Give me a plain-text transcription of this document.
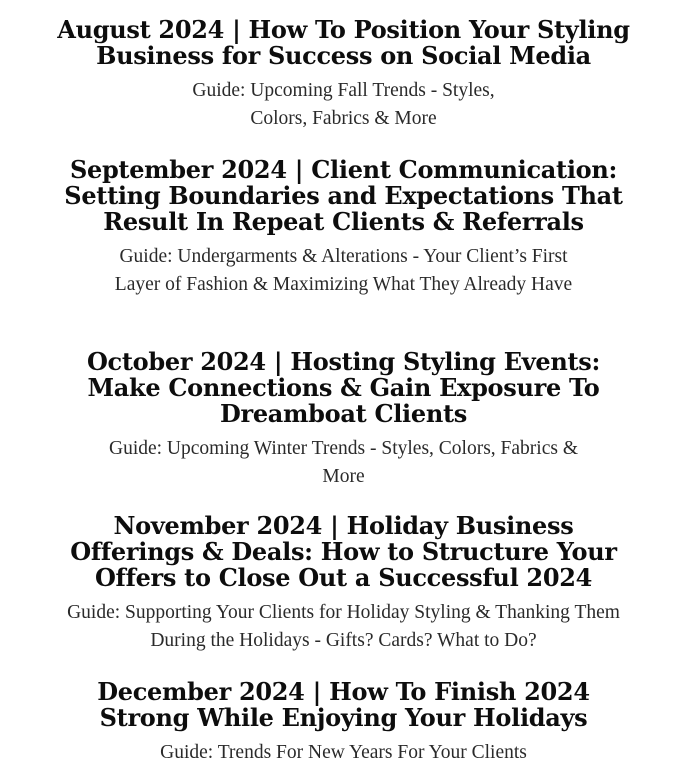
August 2024 | How To Position Your Styling Business for Success on Social Media

Guide: Upcoming Fall Trends - Styles, Colors, Fabrics & More

September 2024 | Client Communication: Setting Boundaries and Expectations That Result In Repeat Clients & Referrals

Guide: Undergarments & Alterations - Your Client’s First Layer of Fashion & Maximizing What They Already Have

October 2024 | Hosting Styling Events: Make Connections & Gain Exposure To Dreamboat Clients

Guide: Upcoming Winter Trends - Styles, Colors, Fabrics & More

November 2024 | Holiday Business Offerings & Deals: How to Structure Your Offers to Close Out a Successful 2024

Guide: Supporting Your Clients for Holiday Styling & Thanking Them During the Holidays - Gifts? Cards? What to Do?

December 2024 | How To Finish 2024 Strong While Enjoying Your Holidays

Guide: Trends For New Years For Your Clients
